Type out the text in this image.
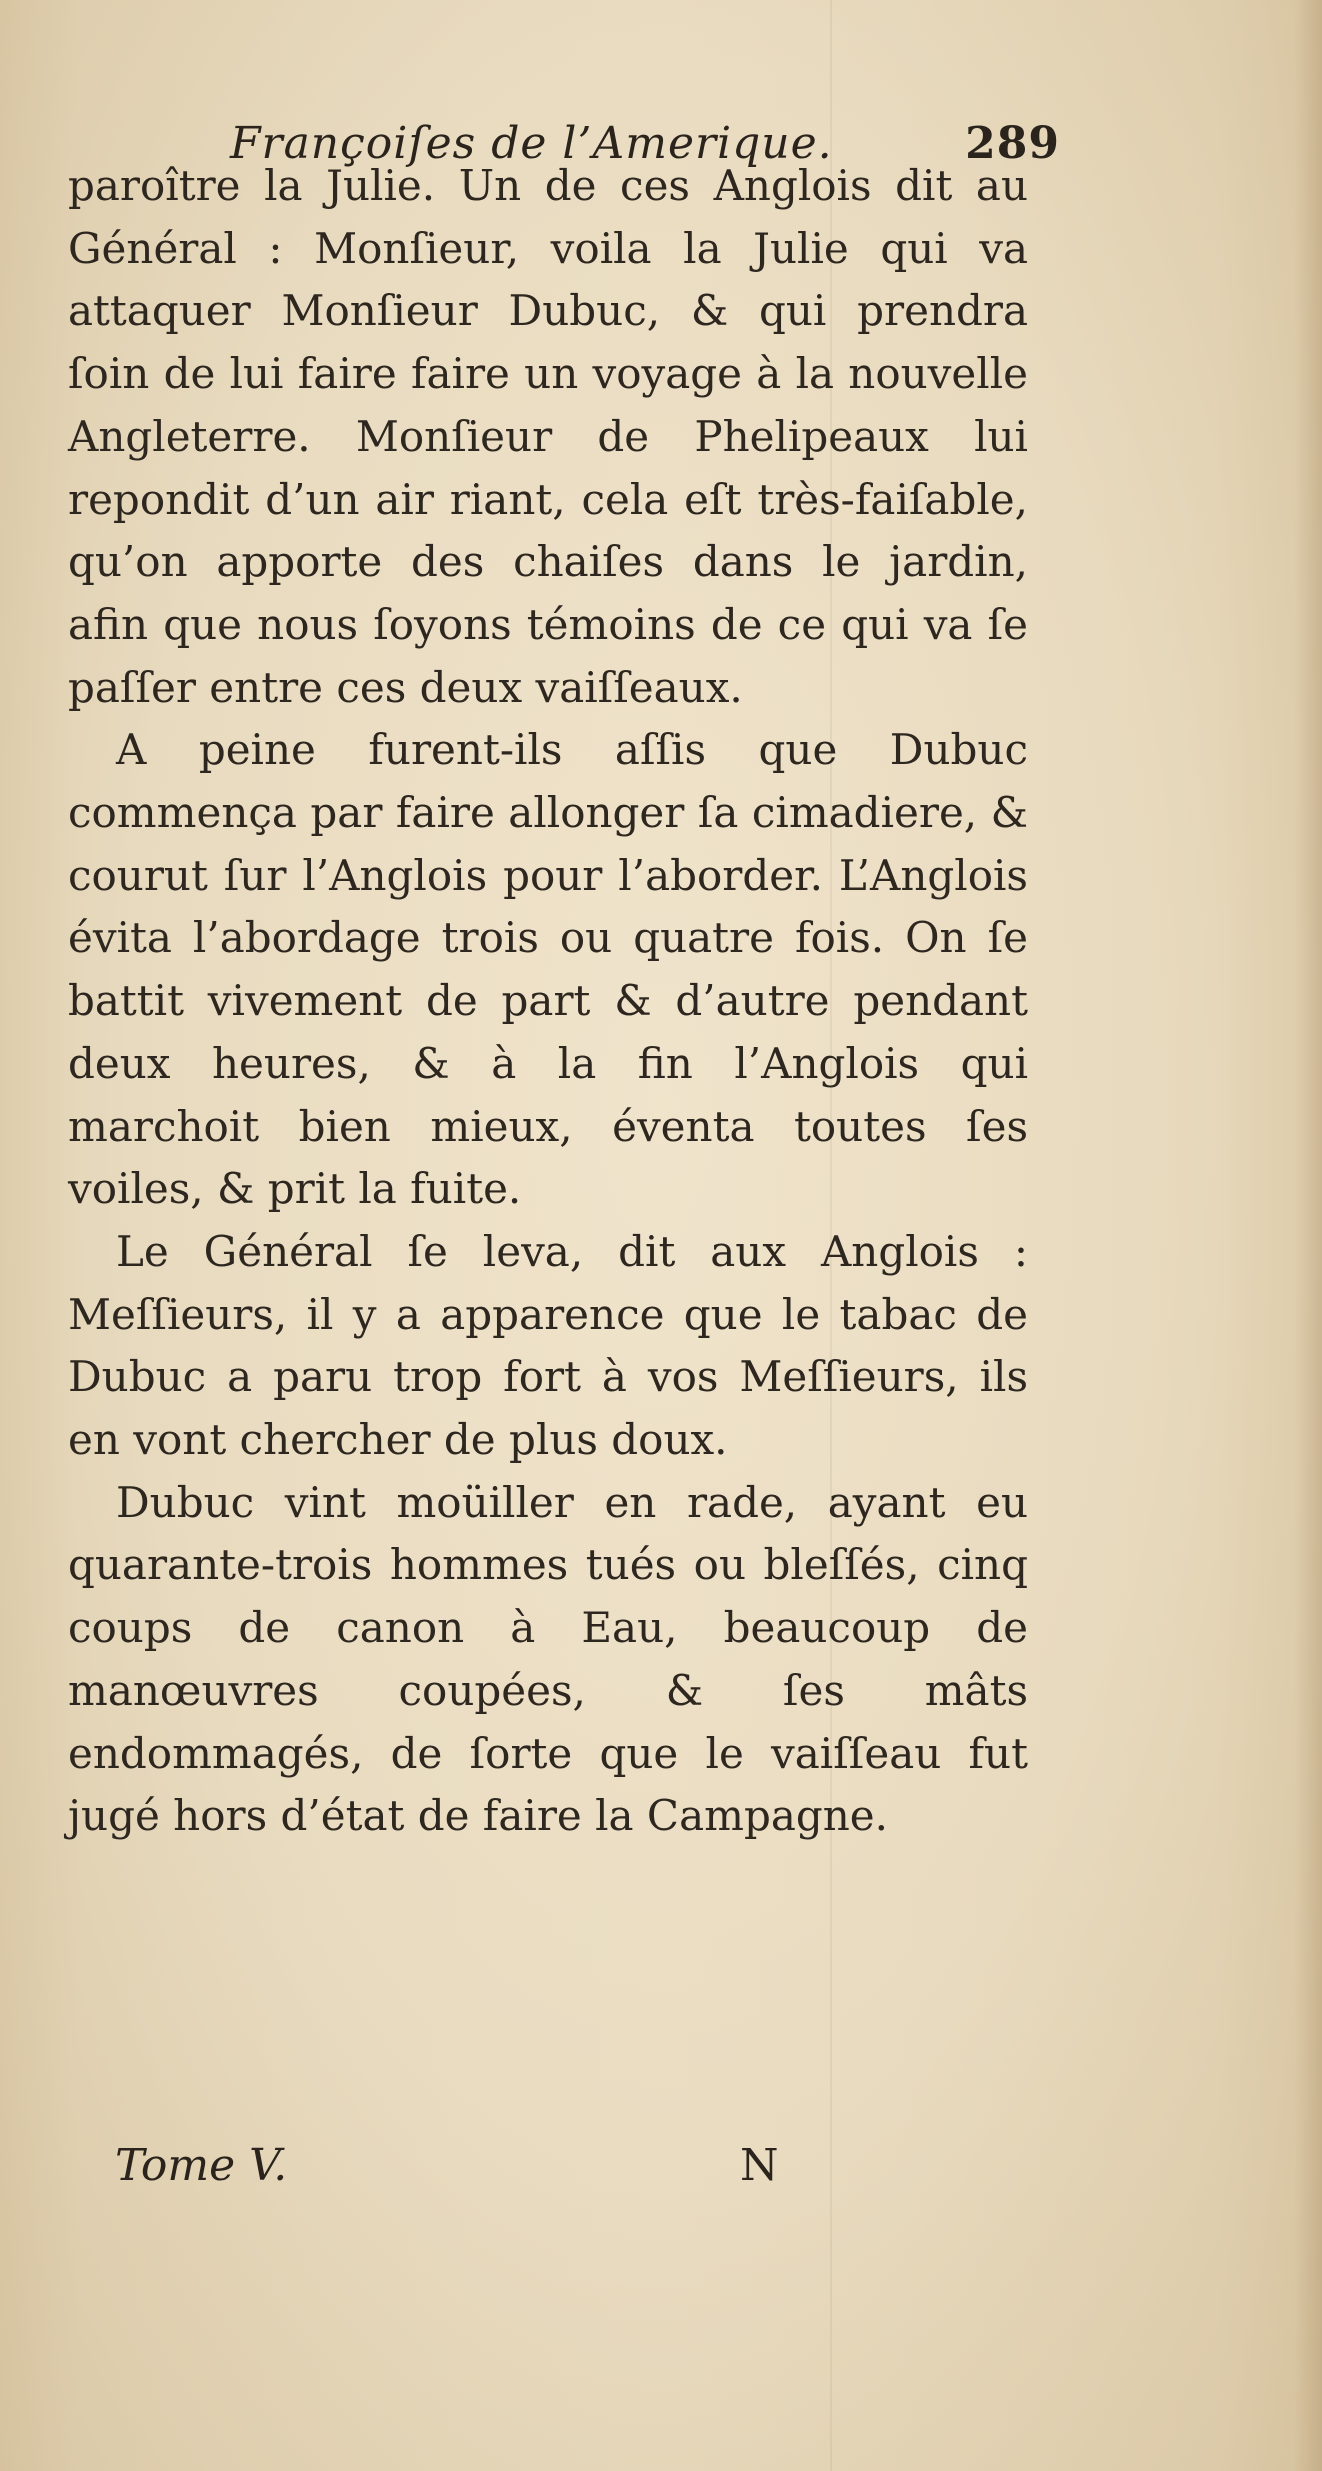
Françoiſes de l’Amerique.	289

paroître la Julie. Un de ces Anglois dit au Général : Monſieur, voila la Julie qui va attaquer Monſieur Dubuc, & qui prendra ſoin de lui faire faire un voyage à la nouvelle Angleterre. Monſieur de Phelipeaux lui repondit d’un air riant, cela eſt très-faiſable, qu’on apporte des chaiſes dans le jardin, afin que nous ſoyons témoins de ce qui va ſe paſſer entre ces deux vaiſſeaux.

A peine furent-ils aſſis que Dubuc commença par faire allonger ſa cimadiere, & courut ſur l’Anglois pour l’aborder. L’Anglois évita l’abordage trois ou quatre fois. On ſe battit vivement de part & d’autre pendant deux heures, & à la fin l’Anglois qui marchoit bien mieux, éventa toutes ſes voiles, & prit la fuite.

Le Général ſe leva, dit aux Anglois : Meſſieurs, il y a apparence que le tabac de Dubuc a paru trop fort à vos Meſſieurs, ils en vont chercher de plus doux.

Dubuc vint moüiller en rade, ayant eu quarante-trois hommes tués ou bleſſés, cinq coups de canon à Eau, beaucoup de manœuvres coupées, & ſes mâts endommagés, de ſorte que le vaiſſeau fut jugé hors d’état de faire la Campagne.

Tome V.	N
